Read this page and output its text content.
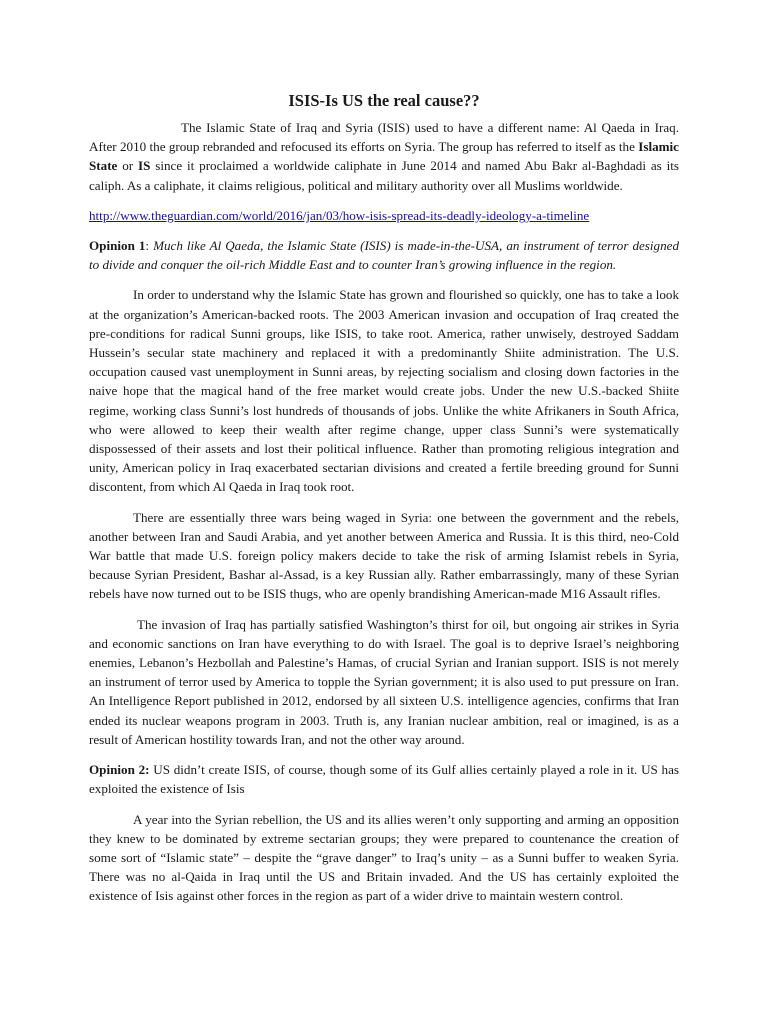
ISIS-Is US the real cause??

The Islamic State of Iraq and Syria (ISIS) used to have a different name: Al Qaeda in Iraq. After 2010 the group rebranded and refocused its efforts on Syria. The group has referred to itself as the Islamic State or IS since it proclaimed a worldwide caliphate in June 2014 and named Abu Bakr al-Baghdadi as its caliph. As a caliphate, it claims religious, political and military authority over all Muslims worldwide.

http://www.theguardian.com/world/2016/jan/03/how-isis-spread-its-deadly-ideology-a-timeline

Opinion 1: Much like Al Qaeda, the Islamic State (ISIS) is made-in-the-USA, an instrument of terror designed to divide and conquer the oil-rich Middle East and to counter Iran’s growing influence in the region.

In order to understand why the Islamic State has grown and flourished so quickly, one has to take a look at the organization’s American-backed roots. The 2003 American invasion and occupation of Iraq created the pre-conditions for radical Sunni groups, like ISIS, to take root. America, rather unwisely, destroyed Saddam Hussein’s secular state machinery and replaced it with a predominantly Shiite administration. The U.S. occupation caused vast unemployment in Sunni areas, by rejecting socialism and closing down factories in the naive hope that the magical hand of the free market would create jobs. Under the new U.S.-backed Shiite regime, working class Sunni’s lost hundreds of thousands of jobs. Unlike the white Afrikaners in South Africa, who were allowed to keep their wealth after regime change, upper class Sunni’s were systematically dispossessed of their assets and lost their political influence. Rather than promoting religious integration and unity, American policy in Iraq exacerbated sectarian divisions and created a fertile breeding ground for Sunni discontent, from which Al Qaeda in Iraq took root.

There are essentially three wars being waged in Syria: one between the government and the rebels, another between Iran and Saudi Arabia, and yet another between America and Russia. It is this third, neo-Cold War battle that made U.S. foreign policy makers decide to take the risk of arming Islamist rebels in Syria, because Syrian President, Bashar al-Assad, is a key Russian ally. Rather embarrassingly, many of these Syrian rebels have now turned out to be ISIS thugs, who are openly brandishing American-made M16 Assault rifles.

The invasion of Iraq has partially satisfied Washington’s thirst for oil, but ongoing air strikes in Syria and economic sanctions on Iran have everything to do with Israel. The goal is to deprive Israel’s neighboring enemies, Lebanon’s Hezbollah and Palestine’s Hamas, of crucial Syrian and Iranian support. ISIS is not merely an instrument of terror used by America to topple the Syrian government; it is also used to put pressure on Iran. An Intelligence Report published in 2012, endorsed by all sixteen U.S. intelligence agencies, confirms that Iran ended its nuclear weapons program in 2003. Truth is, any Iranian nuclear ambition, real or imagined, is as a result of American hostility towards Iran, and not the other way around.

Opinion 2: US didn’t create ISIS, of course, though some of its Gulf allies certainly played a role in it. US has exploited the existence of Isis

A year into the Syrian rebellion, the US and its allies weren’t only supporting and arming an opposition they knew to be dominated by extreme sectarian groups; they were prepared to countenance the creation of some sort of “Islamic state” – despite the “grave danger” to Iraq’s unity – as a Sunni buffer to weaken Syria. There was no al-Qaida in Iraq until the US and Britain invaded. And the US has certainly exploited the existence of Isis against other forces in the region as part of a wider drive to maintain western control.
